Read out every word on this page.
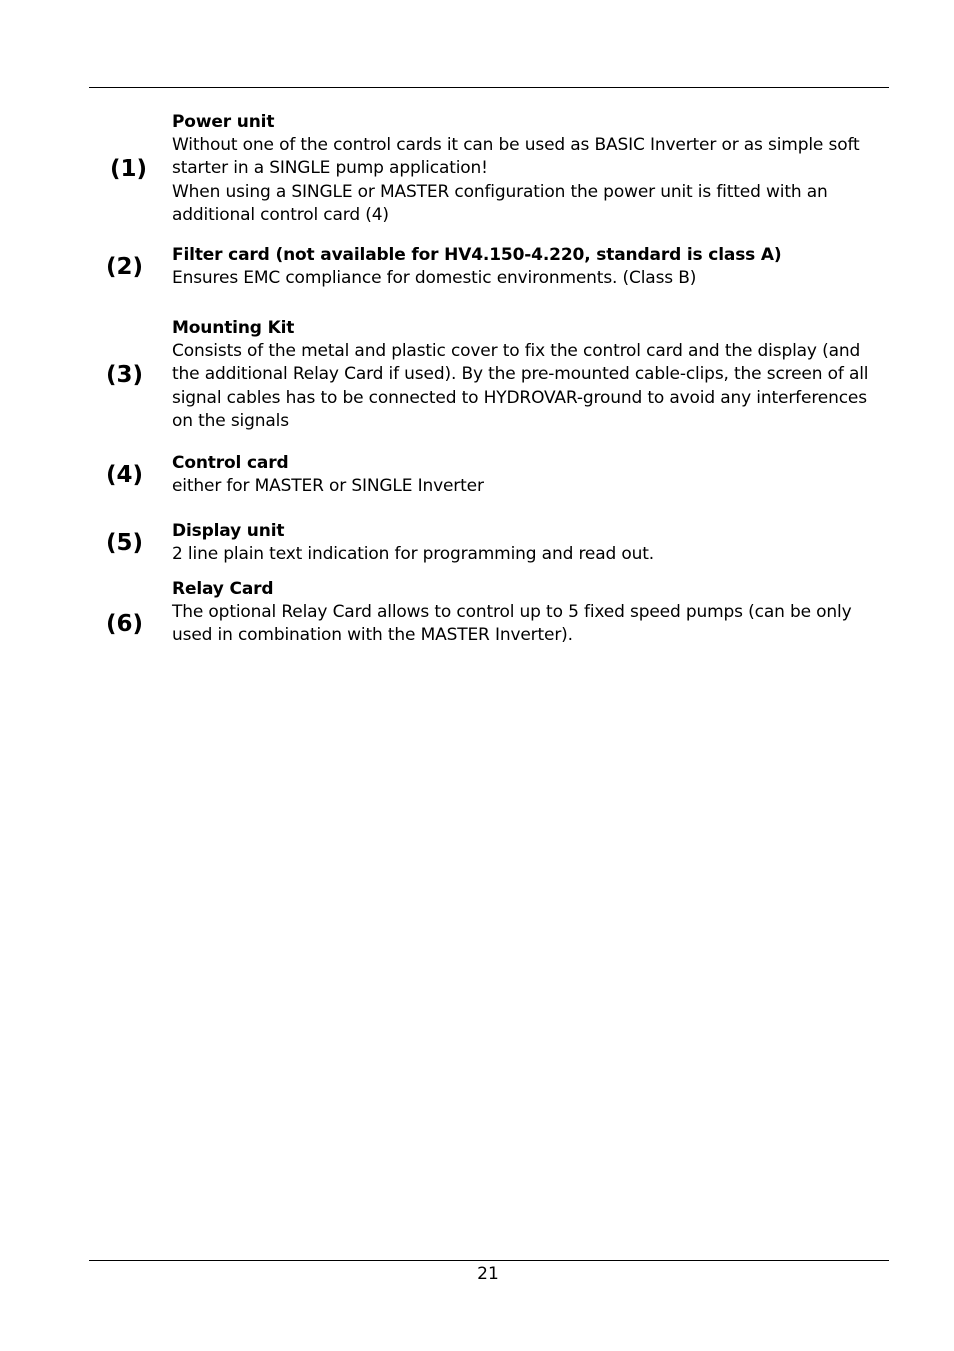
(1)
Power unit
Without one of the control cards it can be used as BASIC Inverter or as simple soft
starter in a SINGLE pump application!
When using a SINGLE or MASTER configuration the power unit is fitted with an
additional control card (4)
(2) Filter card (not available for HV4.150-4.220, standard is class A)
Ensures EMC compliance for domestic environments. (Class B)
(3)
Mounting Kit
Consists of the metal and plastic cover to fix the control card and the display (and
the additional Relay Card if used). By the pre-mounted cable-clips, the screen of all
signal cables has to be connected to HYDROVAR-ground to avoid any interferences
on the signals
(4) Control card
either for MASTER or SINGLE Inverter
(5) Display unit
2 line plain text indication for programming and read out.
(6)
Relay Card
The optional Relay Card allows to control up to 5 fixed speed pumps (can be only
used in combination with the MASTER Inverter).
21
